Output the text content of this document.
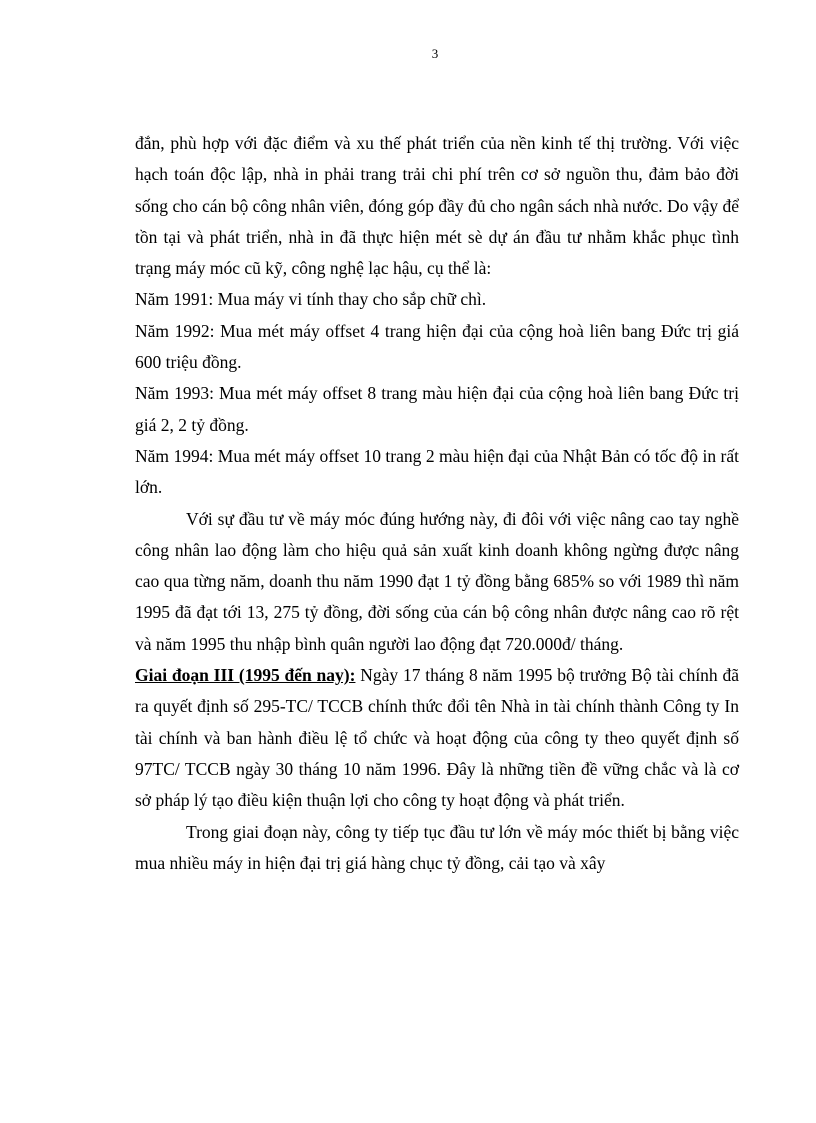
3

đắn, phù hợp với đặc điểm và xu thế phát triển của nền kinh tế thị trường. Với việc hạch toán độc lập, nhà in phải trang trải chi phí trên cơ sở nguồn thu, đảm bảo đời sống cho cán bộ công nhân viên, đóng góp đầy đủ cho ngân sách nhà nước. Do vậy để tồn tại và phát triển, nhà in đã thực hiện mét sè dự án đầu tư nhằm khắc phục tình trạng máy móc cũ kỹ, công nghệ lạc hậu, cụ thể là:

Năm 1991: Mua máy vi tính thay cho sắp chữ chì.

Năm 1992: Mua mét máy offset 4 trang hiện đại của cộng hoà liên bang Đức trị giá 600 triệu đồng.

Năm 1993: Mua mét máy offset 8 trang màu hiện đại của cộng hoà liên bang Đức trị giá 2, 2 tỷ đồng.

Năm 1994: Mua mét máy offset 10 trang 2 màu hiện đại của Nhật Bản có tốc độ in rất lớn.

Với sự đầu tư về máy móc đúng hướng này, đi đôi với việc nâng cao tay nghề công nhân lao động làm cho hiệu quả sản xuất kinh doanh không ngừng được nâng cao qua từng năm, doanh thu năm 1990 đạt 1 tỷ đồng bằng 685% so với 1989 thì năm 1995 đã đạt tới 13, 275 tỷ đồng, đời sống của cán bộ công nhân được nâng cao rõ rệt và năm 1995 thu nhập bình quân người lao động đạt 720.000đ/ tháng.

Giai đoạn III (1995 đến nay): Ngày 17 tháng 8 năm 1995 bộ trưởng Bộ tài chính đã ra quyết định số 295-TC/ TCCB chính thức đổi tên Nhà in tài chính thành Công ty In tài chính và ban hành điều lệ tổ chức và hoạt động của công ty theo quyết định số 97TC/ TCCB ngày 30 tháng 10 năm 1996. Đây là những tiền đề vững chắc và là cơ sở pháp lý tạo điều kiện thuận lợi cho công ty hoạt động và phát triển.

Trong giai đoạn này, công ty tiếp tục đầu tư lớn về máy móc thiết bị bằng việc mua nhiều máy in hiện đại trị giá hàng chục tỷ đồng, cải tạo và xây
